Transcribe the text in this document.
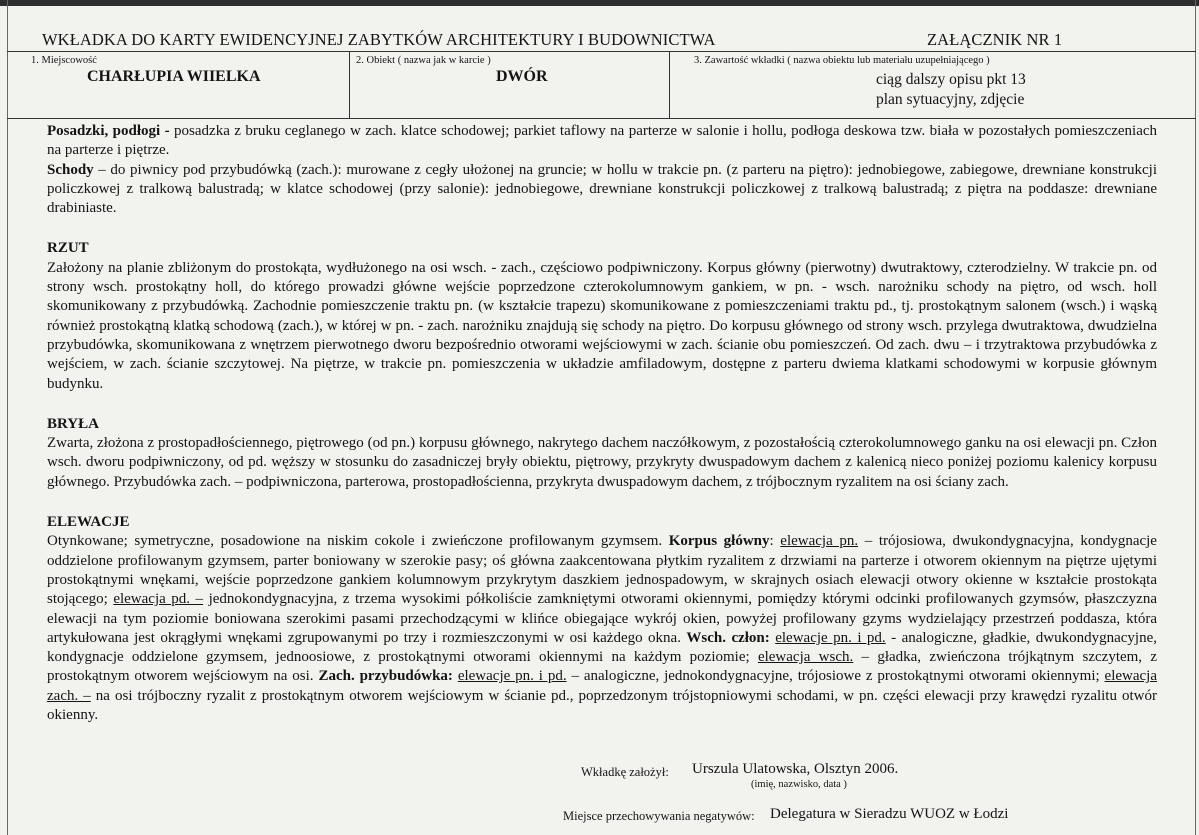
WKŁADKA DO KARTY EWIDENCYJNEJ ZABYTKÓW ARCHITEKTURY I BUDOWNICTWA	ZAŁĄCZNIK NR 1
1. Miejscowość
CHARŁUPIA WIIELKA
2. Obiekt ( nazwa jak w karcie )
DWÓR
3. Zawartość wkładki ( nazwa obiektu lub materiału uzupełniającego )
ciąg dalszy opisu pkt 13
plan sytuacyjny, zdjęcie

Posadzki, podłogi - posadzka z bruku ceglanego w zach. klatce schodowej; parkiet taflowy na parterze w salonie i hollu, podłoga deskowa tzw. biała w pozostałych pomieszczeniach na parterze i piętrze.

Schody – do piwnicy pod przybudówką (zach.): murowane z cegły ułożonej na gruncie; w hollu w trakcie pn. (z parteru na piętro): jednobiegowe, zabiegowe, drewniane konstrukcji policzkowej z tralkową balustradą; w klatce schodowej (przy salonie): jednobiegowe, drewniane konstrukcji policzkowej z tralkową balustradą; z piętra na poddasze: drewniane drabiniaste.

RZUT

Założony na planie zbliżonym do prostokąta, wydłużonego na osi wsch. - zach., częściowo podpiwniczony. Korpus główny (pierwotny) dwutraktowy, czterodzielny. W trakcie pn. od strony wsch. prostokątny holl, do którego prowadzi główne wejście poprzedzone czterokolumnowym gankiem, w pn. - wsch. narożniku schody na piętro, od wsch. holl skomunikowany z przybudówką. Zachodnie pomieszczenie traktu pn. (w kształcie trapezu) skomunikowane z pomieszczeniami traktu pd., tj. prostokątnym salonem (wsch.) i wąską również prostokątną klatką schodową (zach.), w której w pn. - zach. narożniku znajdują się schody na piętro. Do korpusu głównego od strony wsch. przylega dwutraktowa, dwudzielna przybudówka, skomunikowana z wnętrzem pierwotnego dworu bezpośrednio otworami wejściowymi w zach. ścianie obu pomieszczeń. Od zach. dwu – i trzytraktowa przybudówka z wejściem, w zach. ścianie szczytowej. Na piętrze, w trakcie pn. pomieszczenia w układzie amfiladowym, dostępne z parteru dwiema klatkami schodowymi w korpusie głównym budynku.

BRYŁA

Zwarta, złożona z prostopadłościennego, piętrowego (od pn.) korpusu głównego, nakrytego dachem naczółkowym, z pozostałością czterokolumnowego ganku na osi elewacji pn. Człon wsch. dworu podpiwniczony, od pd. węższy w stosunku do zasadniczej bryły obiektu, piętrowy, przykryty dwuspadowym dachem z kalenicą nieco poniżej poziomu kalenicy korpusu głównego. Przybudówka zach. – podpiwniczona, parterowa, prostopadłościenna, przykryta dwuspadowym dachem, z trójbocznym ryzalitem na osi ściany zach.

ELEWACJE

Otynkowane; symetryczne, posadowione na niskim cokole i zwieńczone profilowanym gzymsem. Korpus główny: elewacja pn. – trójosiowa, dwukondygnacyjna, kondygnacje oddzielone profilowanym gzymsem, parter boniowany w szerokie pasy; oś główna zaakcentowana płytkim ryzalitem z drzwiami na parterze i otworem okiennym na piętrze ujętymi prostokątnymi wnękami, wejście poprzedzone gankiem kolumnowym przykrytym daszkiem jednospadowym, w skrajnych osiach elewacji otwory okienne w kształcie prostokąta stojącego; elewacja pd. – jednokondygnacyjna, z trzema wysokimi półkoliście zamkniętymi otworami okiennymi, pomiędzy którymi odcinki profilowanych gzymsów, płaszczyzna elewacji na tym poziomie boniowana szerokimi pasami przechodzącymi w klińce obiegające wykrój okien, powyżej profilowany gzyms wydzielający przestrzeń poddasza, która artykułowana jest okrągłymi wnękami zgrupowanymi po trzy i rozmieszczonymi w osi każdego okna. Wsch. człon: elewacje pn. i pd. - analogiczne, gładkie, dwukondygnacyjne, kondygnacje oddzielone gzymsem, jednoosiowe, z prostokątnymi otworami okiennymi na każdym poziomie; elewacja wsch. – gładka, zwieńczona trójkątnym szczytem, z prostokątnym otworem wejściowym na osi. Zach. przybudówka: elewacje pn. i pd. – analogiczne, jednokondygnacyjne, trójosiowe z prostokątnymi otworami okiennymi; elewacja zach. – na osi trójboczny ryzalit z prostokątnym otworem wejściowym w ścianie pd., poprzedzonym trójstopniowymi schodami, w pn. części elewacji przy krawędzi ryzalitu otwór okienny.

Wkładkę założył: Urszula Ulatowska, Olsztyn 2006.
(imię, nazwisko, data )
Miejsce przechowywania negatywów: Delegatura w Sieradzu WUOZ w Łodzi
